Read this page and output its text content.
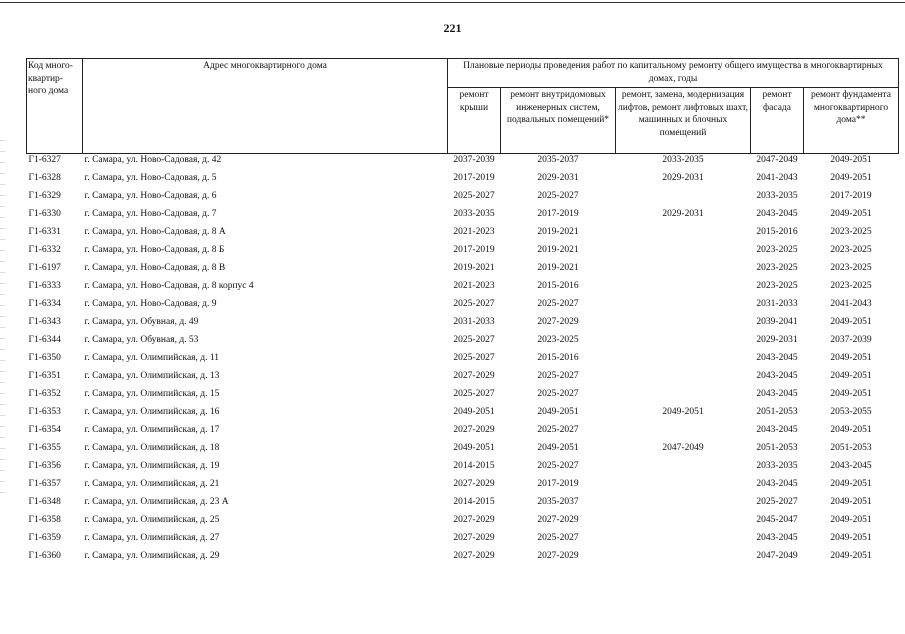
221
Код много-квартир-ного дома	Адрес многоквартирного дома	Плановые периоды проведения работ по капитальному ремонту общего имущества в многоквартирных домах, годы				
		ремонт крыши	ремонт внутридомовых инженерных систем, подвальных помещений*	ремонт, замена, модернизация лифтов, ремонт лифтовых шахт, машинных и блочных помещений	ремонт фасада	ремонт фундамента многоквартирного дома**
Г1-6327	г. Самара, ул. Ново-Садовая, д. 42	2037-2039	2035-2037	2033-2035	2047-2049	2049-2051
Г1-6328	г. Самара, ул. Ново-Садовая, д. 5	2017-2019	2029-2031	2029-2031	2041-2043	2049-2051
Г1-6329	г. Самара, ул. Ново-Садовая, д. 6	2025-2027	2025-2027		2033-2035	2017-2019
Г1-6330	г. Самара, ул. Ново-Садовая, д. 7	2033-2035	2017-2019	2029-2031	2043-2045	2049-2051
Г1-6331	г. Самара, ул. Ново-Садовая, д. 8 А	2021-2023	2019-2021		2015-2016	2023-2025
Г1-6332	г. Самара, ул. Ново-Садовая, д. 8 Б	2017-2019	2019-2021		2023-2025	2023-2025
Г1-6197	г. Самара, ул. Ново-Садовая, д. 8 В	2019-2021	2019-2021		2023-2025	2023-2025
Г1-6333	г. Самара, ул. Ново-Садовая, д. 8 корпус 4	2021-2023	2015-2016		2023-2025	2023-2025
Г1-6334	г. Самара, ул. Ново-Садовая, д. 9	2025-2027	2025-2027		2031-2033	2041-2043
Г1-6343	г. Самара, ул. Обувная, д. 49	2031-2033	2027-2029		2039-2041	2049-2051
Г1-6344	г. Самара, ул. Обувная, д. 53	2025-2027	2023-2025		2029-2031	2037-2039
Г1-6350	г. Самара, ул. Олимпийская, д. 11	2025-2027	2015-2016		2043-2045	2049-2051
Г1-6351	г. Самара, ул. Олимпийская, д. 13	2027-2029	2025-2027		2043-2045	2049-2051
Г1-6352	г. Самара, ул. Олимпийская, д. 15	2025-2027	2025-2027		2043-2045	2049-2051
Г1-6353	г. Самара, ул. Олимпийская, д. 16	2049-2051	2049-2051	2049-2051	2051-2053	2053-2055
Г1-6354	г. Самара, ул. Олимпийская, д. 17	2027-2029	2025-2027		2043-2045	2049-2051
Г1-6355	г. Самара, ул. Олимпийская, д. 18	2049-2051	2049-2051	2047-2049	2051-2053	2051-2053
Г1-6356	г. Самара, ул. Олимпийская, д. 19	2014-2015	2025-2027		2033-2035	2043-2045
Г1-6357	г. Самара, ул. Олимпийская, д. 21	2027-2029	2017-2019		2043-2045	2049-2051
Г1-6348	г. Самара, ул. Олимпийская, д. 23 А	2014-2015	2035-2037		2025-2027	2049-2051
Г1-6358	г. Самара, ул. Олимпийская, д. 25	2027-2029	2027-2029		2045-2047	2049-2051
Г1-6359	г. Самара, ул. Олимпийская, д. 27	2027-2029	2025-2027		2043-2045	2049-2051
Г1-6360	г. Самара, ул. Олимпийская, д. 29	2027-2029	2027-2029		2047-2049	2049-2051
